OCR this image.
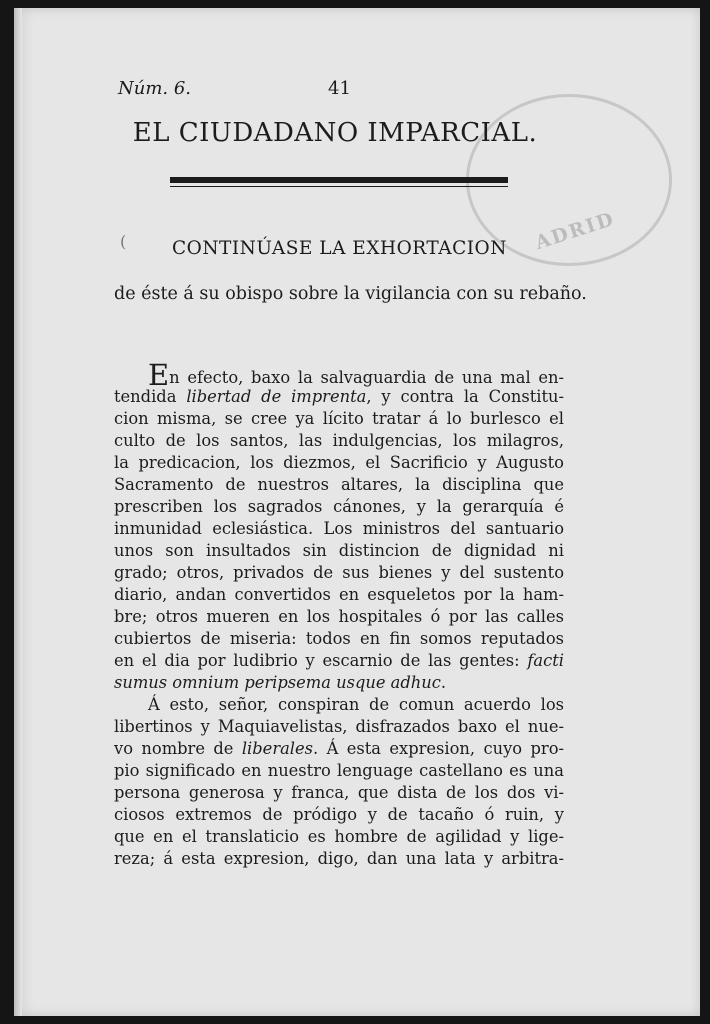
ADRID
Núm. 6.	41
EL CIUDADANO IMPARCIAL.
( CONTINÚASE LA EXHORTACION
de éste á su obispo sobre la vigilancia con su rebaño.
En efecto, baxo la salvaguardia de una mal en-
tendida libertad de imprenta, y contra la Constitu-
cion misma, se cree ya lícito tratar á lo burlesco el
culto de los santos, las indulgencias, los milagros,
la predicacion, los diezmos, el Sacrificio y Augusto
Sacramento de nuestros altares, la disciplina que
prescriben los sagrados cánones, y la gerarquía é
inmunidad eclesiástica. Los ministros del santuario
unos son insultados sin distincion de dignidad ni
grado; otros, privados de sus bienes y del sustento
diario, andan convertidos en esqueletos por la ham-
bre; otros mueren en los hospitales ó por las calles
cubiertos de miseria: todos en fin somos reputados
en el dia por ludibrio y escarnio de las gentes: facti
sumus omnium peripsema usque adhuc.
Á esto, señor, conspiran de comun acuerdo los
libertinos y Maquiavelistas, disfrazados baxo el nue-
vo nombre de liberales. Á esta expresion, cuyo pro-
pio significado en nuestro lenguage castellano es una
persona generosa y franca, que dista de los dos vi-
ciosos extremos de pródigo y de tacaño ó ruin, y
que en el translaticio es hombre de agilidad y lige-
reza; á esta expresion, digo, dan una lata y arbitra-
